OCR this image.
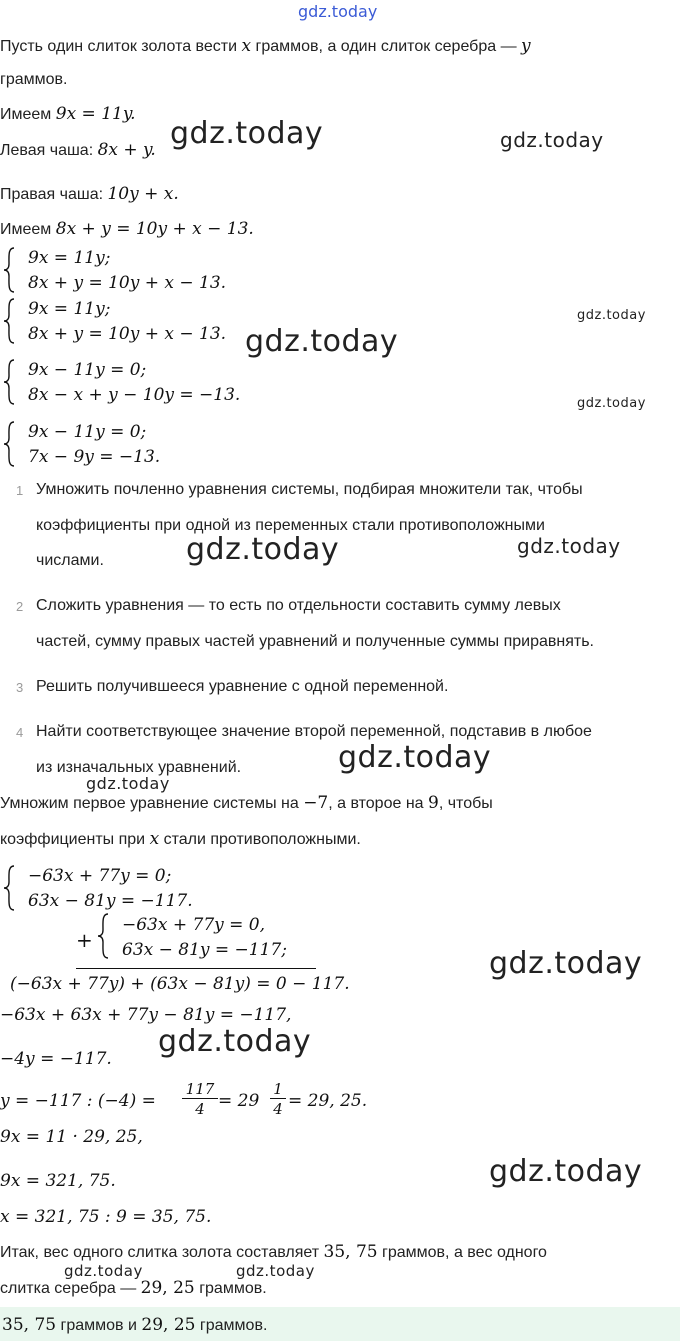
gdz.today
Пусть один слиток золота вести x граммов, а один слиток серебра — y
граммов.
Имеем 9x = 11y.
Левая чаша: 8x + y.
Правая чаша: 10y + x.
Имеем 8x + y = 10y + x − 13.
9x = 11y;
8x + y = 10y + x − 13.
9x = 11y;
8x + y = 10y + x − 13.
9x − 11y = 0;
8x − x + y − 10y = −13.
9x − 11y = 0;
7x − 9y = −13.
1 Умножить почленно уравнения системы, подбирая множители так, чтобы
коэффициенты при одной из переменных стали противоположными
числами.
2 Сложить уравнения — то есть по отдельности составить сумму левых
частей, сумму правых частей уравнений и полученные суммы приравнять.
3 Решить получившееся уравнение с одной переменной.
4 Найти соответствующее значение второй переменной, подставив в любое
из изначальных уравнений.
Умножим первое уравнение системы на −7, а второе на 9, чтобы
коэффициенты при x стали противоположными.
−63x + 77y = 0;
63x − 81y = −117.
+
−63x + 77y = 0,
63x − 81y = −117;
(−63x + 77y) + (63x − 81y) = 0 − 117.
−63x + 63x + 77y − 81y = −117,
−4y = −117.
y = −117 : (−4) =
117
4 = 29
1
4 = 29, 25.
9x = 11 · 29, 25,
9x = 321, 75.
x = 321, 75 : 9 = 35, 75.
Итак, вес одного слитка золота составляет 35, 75 граммов, а вес одного
слитка серебра — 29, 25 граммов.
35, 75 граммов и 29, 25 граммов.
gdz.today	gdz.today
gdz.today
gdz.today
gdz.today
gdz.today	gdz.today
gdz.today
gdz.today
gdz.today
gdz.today
gdz.today
gdz.today	gdz.today
